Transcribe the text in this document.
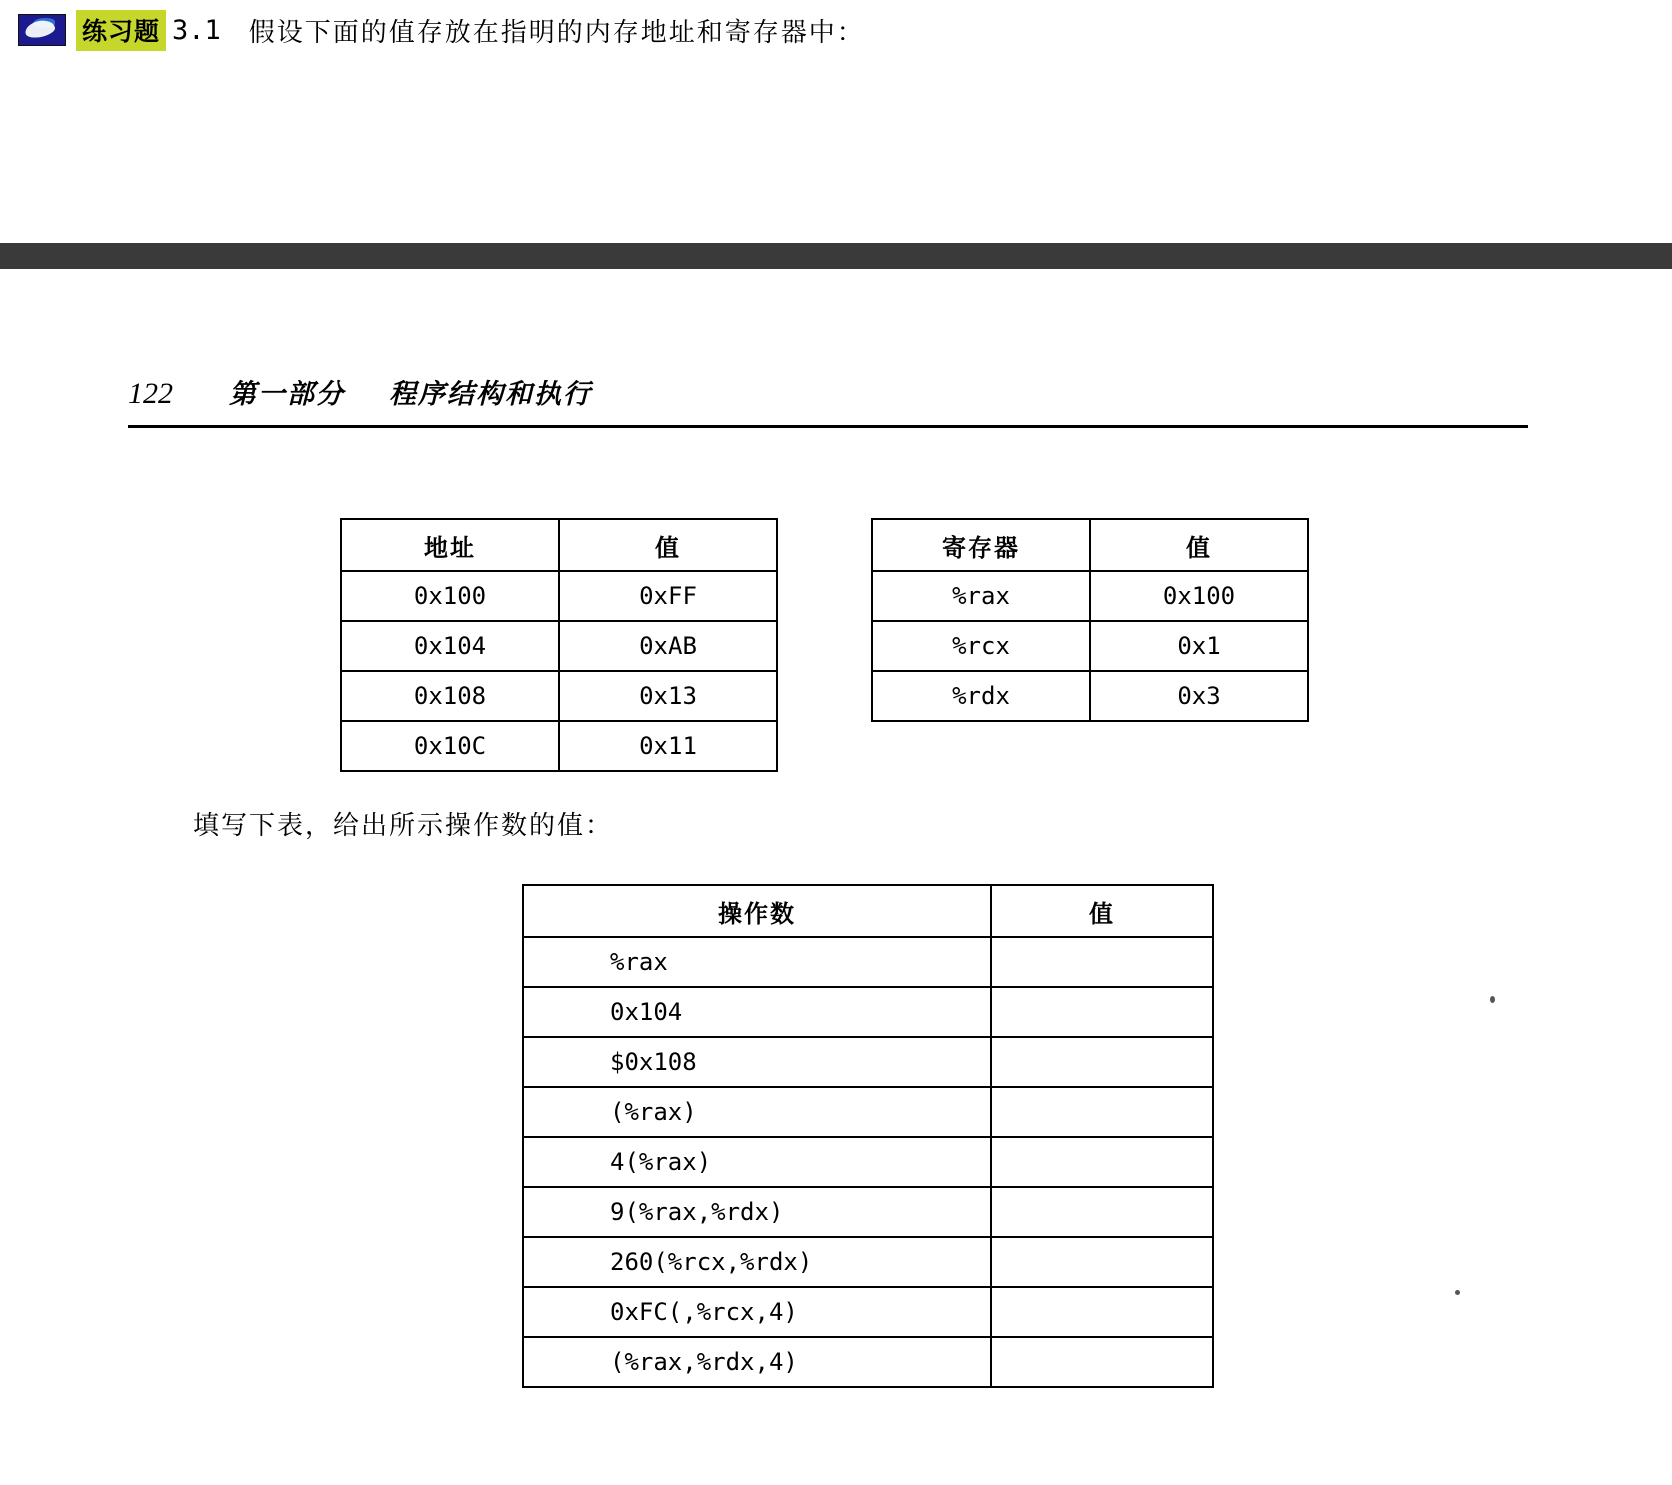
练习题 3.1 假设下面的值存放在指明的内存地址和寄存器中：
122 第一部分 程序结构和执行
地址	值
0x100	0xFF
0x104	0xAB
0x108	0x13
0x10C	0x11
寄存器	值
%rax	0x100
%rcx	0x1
%rdx	0x3
填写下表，给出所示操作数的值：
操作数	值
%rax	
0x104	
$0x108	
(%rax)	
4(%rax)	
9(%rax,%rdx)	
260(%rcx,%rdx)	
0xFC(,%rcx,4)	
(%rax,%rdx,4)	
